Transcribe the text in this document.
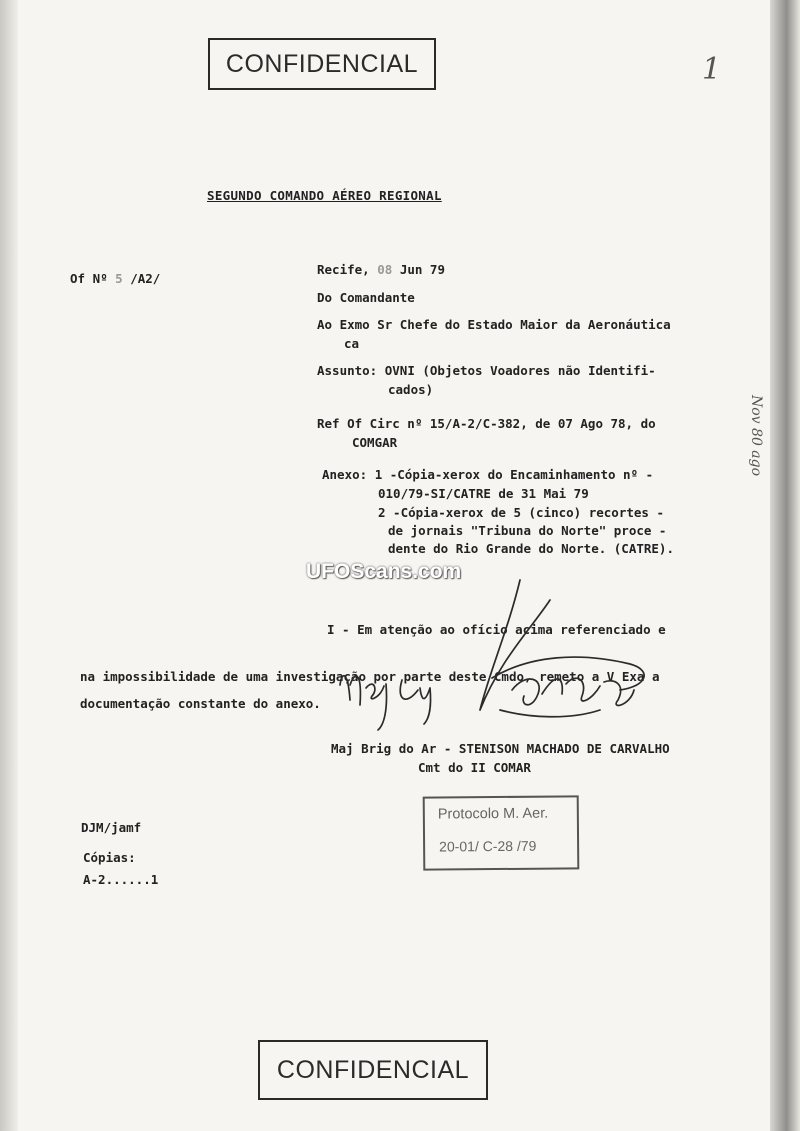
CONFIDENCIAL	1
SEGUNDO COMANDO AÉREO REGIONAL
Of Nº 5 /A2/
Recife, 08 Jun 79
Do Comandante
Ao Exmo Sr Chefe do Estado Maior da Aeronáutica
ca
Assunto: OVNI (Objetos Voadores não Identifi-
cados)
Ref Of Circ nº 15/A-2/C-382, de 07 Ago 78, do
COMGAR
Anexo: 1 -Cópia-xerox do Encaminhamento nº -
010/79-SI/CATRE de 31 Mai 79
2 -Cópia-xerox de 5 (cinco) recortes -
de jornais "Tribuna do Norte" proce -
dente do Rio Grande do Norte. (CATRE).
UFOScans.com
I - Em atenção ao ofício acima referenciado e
na impossibilidade de uma investigação por parte deste Cmdo, remeto a V Exa a
documentação constante do anexo.
Maj Brig do Ar - STENISON MACHADO DE CARVALHO
Cmt do II COMAR
Protocolo M. Aer.
20-01/ C-28 /79
DJM/jamf
Cópias:
A-2......1
Nov 80 ago
CONFIDENCIAL
